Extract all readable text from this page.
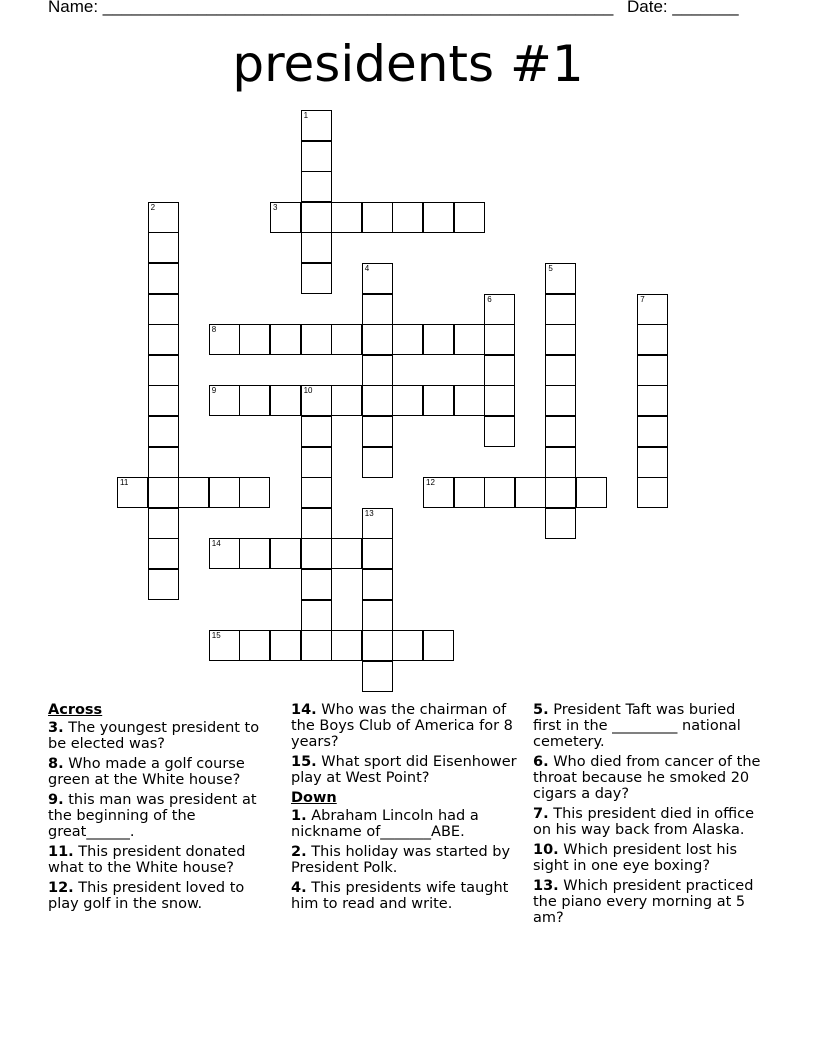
Name: ______________________________________________________ Date: _______
presidents #1
1
2	3
4	5
6	7
8
9	10
11	12
13
14
15
Across
3. The youngest president to be elected was?
8. Who made a golf course green at the White house?
9. this man was president at the beginning of the great______.
11. This president donated what to the White house?
12. This president loved to play golf in the snow.
14. Who was the chairman of the Boys Club of America for 8 years?
15. What sport did Eisenhower play at West Point?
Down
1. Abraham Lincoln had a nickname of_______ABE.
2. This holiday was started by President Polk.
4. This presidents wife taught him to read and write.
5. President Taft was buried first in the _________ national cemetery.
6. Who died from cancer of the throat because he smoked 20 cigars a day?
7. This president died in office on his way back from Alaska.
10. Which president lost his sight in one eye boxing?
13. Which president practiced the piano every morning at 5 am?
